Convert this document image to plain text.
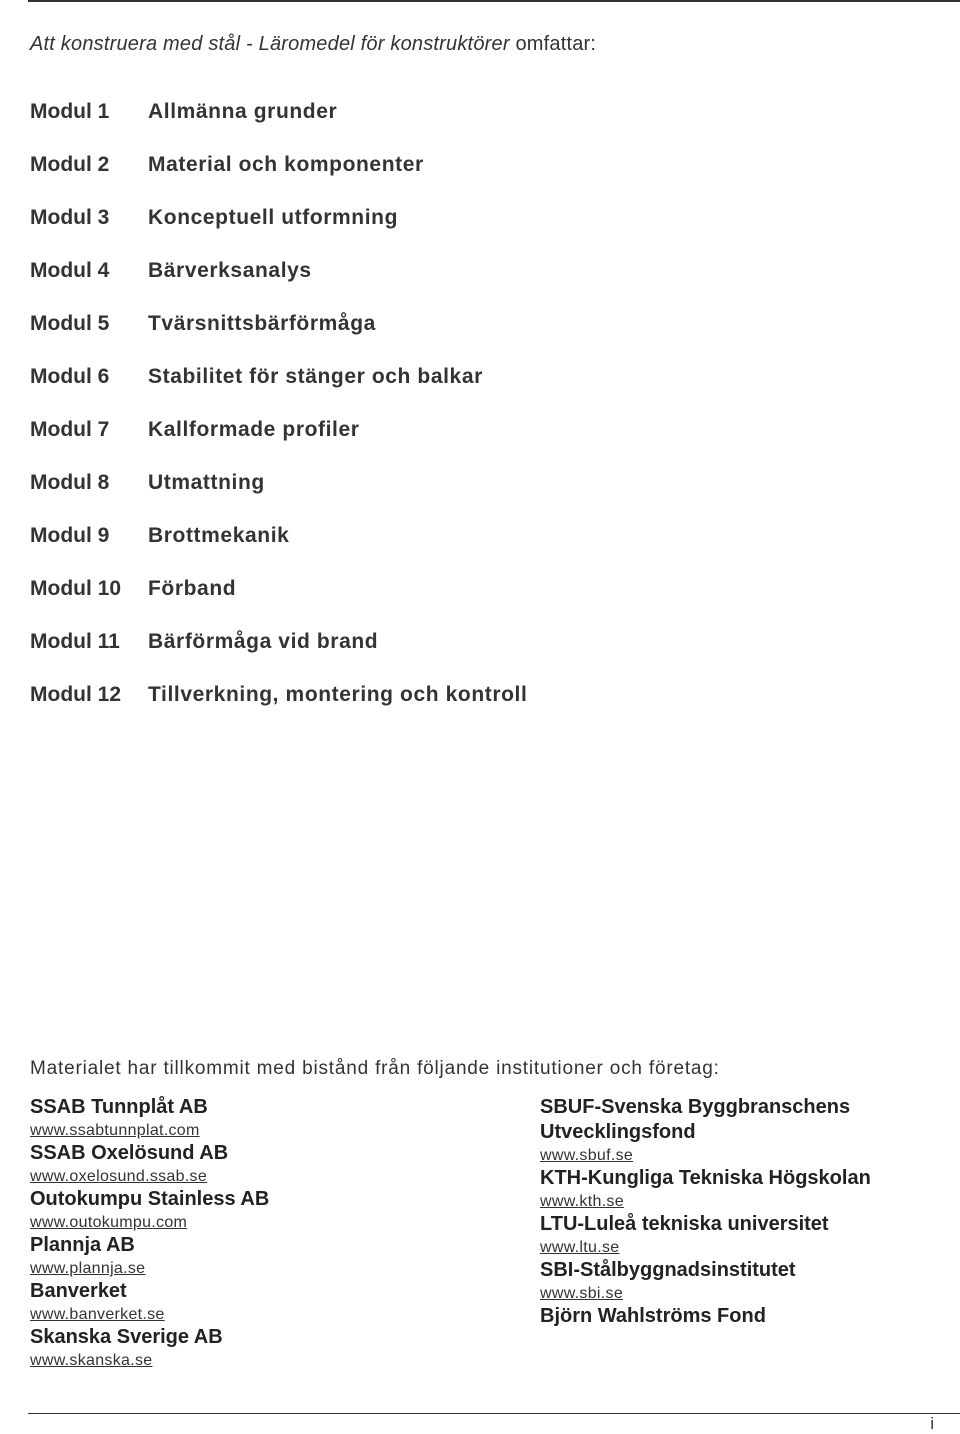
Att konstruera med stål - Läromedel för konstruktörer omfattar:
Modul 1	Allmänna grunder
Modul 2	Material och komponenter
Modul 3	Konceptuell utformning
Modul 4	Bärverksanalys
Modul 5	Tvärsnittsbärförmåga
Modul 6	Stabilitet för stänger och balkar
Modul 7	Kallformade profiler
Modul 8	Utmattning
Modul 9	Brottmekanik
Modul 10	Förband
Modul 11	Bärförmåga vid brand
Modul 12	Tillverkning, montering och kontroll
Materialet har tillkommit med bistånd från följande institutioner och företag:
SSAB Tunnplåt AB
www.ssabtunnplat.com
SSAB Oxelösund AB
www.oxelosund.ssab.se
Outokumpu Stainless AB
www.outokumpu.com
Plannja AB
www.plannja.se
Banverket
www.banverket.se
Skanska Sverige AB
www.skanska.se
SBUF-Svenska Byggbranschens Utvecklingsfond
www.sbuf.se
KTH-Kungliga Tekniska Högskolan
www.kth.se
LTU-Luleå tekniska universitet
www.ltu.se
SBI-Stålbyggnadsinstitutet
www.sbi.se
Björn Wahlströms Fond
i
